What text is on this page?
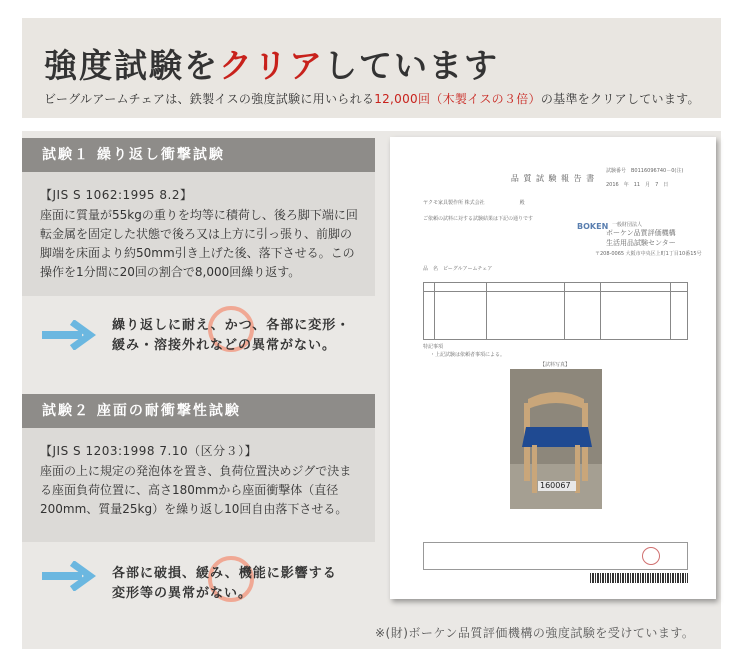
強度試験をクリアしています
ビーグルアームチェアは、鉄製イスの強度試験に用いられる12,000回（木製イスの３倍）の基準をクリアしています。
試験１ 繰り返し衝撃試験
【JIS S 1062:1995 8.2】
座面に質量が55kgの重りを均等に積荷し、後ろ脚下端に回転金属を固定した状態で後ろ又は上方に引っ張り、前脚の脚端を床面より約50mm引き上げた後、落下させる。この操作を1分間に20回の割合で8,000回繰り返す。
繰り返しに耐え、かつ、各部に変形・
緩み・溶接外れなどの異常がない。
試験２ 座面の耐衝撃性試験
【JIS S 1203:1998 7.10（区分３）】
座面の上に規定の発泡体を置き、負荷位置決めジグで決まる座面負荷位置に、高さ180mmから座面衝撃体（直径200mm、質量25kg）を繰り返し10回自由落下させる。
各部に破損、緩み、機能に影響する
変形等の異常がない。
試験番号　B0116096740－0(注)
品 質 試 験 報 告 書
2016　年　11　月　7　日
ヤクモ家具製作所 株式会社　　　　　　　殿
ご依頼の試料に対する試験結果は下記の通りです
BOKEN 一般財団法人
ボーケン品質評価機構
生活用品試験センター
〒208-0065 大阪市中央区上町1丁目10番15号
品　名　ビーグルアームチェア
特記事項
・上記試験は依頼者事項による。
【試料写真】
160067
※(財)ボーケン品質評価機構の強度試験を受けています。
